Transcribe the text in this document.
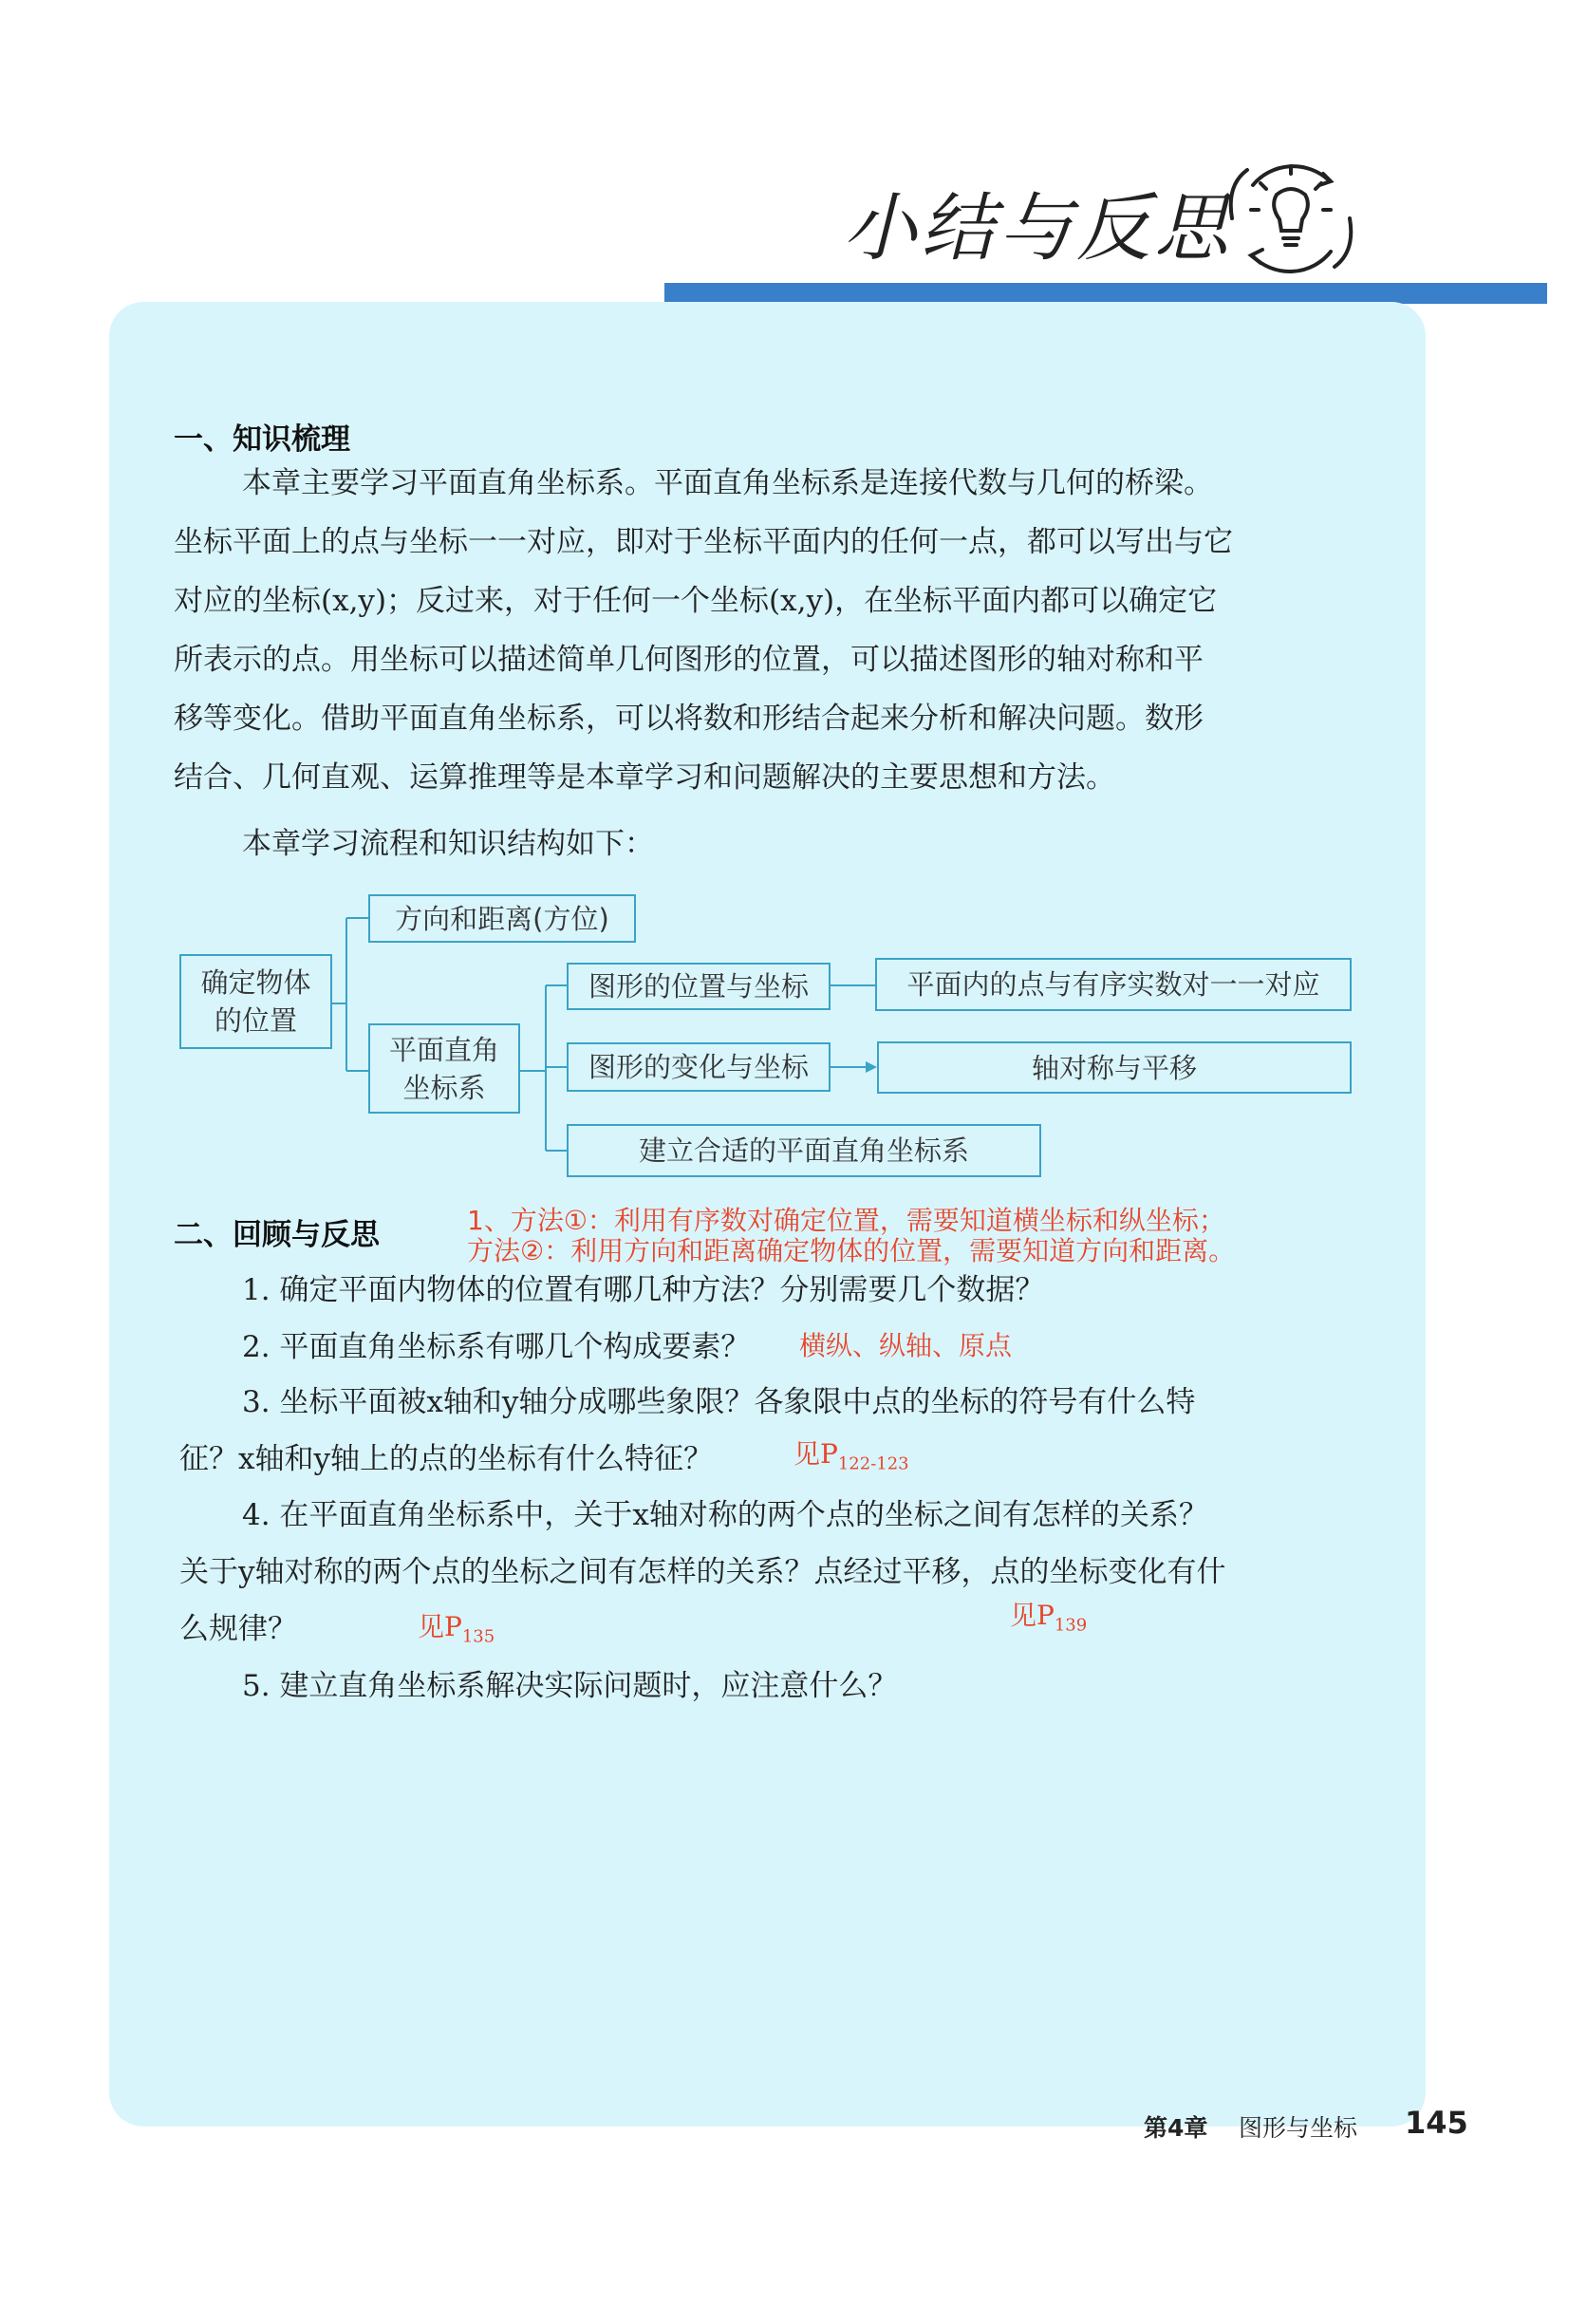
小结与反思
一、知识梳理

本章主要学习平面直角坐标系。平面直角坐标系是连接代数与几何的桥梁。

坐标平面上的点与坐标一一对应，即对于坐标平面内的任何一点，都可以写出与它

对应的坐标(x,y)；反过来，对于任何一个坐标(x,y)，在坐标平面内都可以确定它

所表示的点。用坐标可以描述简单几何图形的位置，可以描述图形的轴对称和平

移等变化。借助平面直角坐标系，可以将数和形结合起来分析和解决问题。数形

结合、几何直观、运算推理等是本章学习和问题解决的主要思想和方法。

本章学习流程和知识结构如下：

确定物体的位置
方向和距离(方位)
平面直角坐标系
图形的位置与坐标
图形的变化与坐标
建立合适的平面直角坐标系
平面内的点与有序实数对一一对应
轴对称与平移
二、回顾与反思	1、方法①：利用有序数对确定位置，需要知道横坐标和纵坐标；
方法②：利用方向和距离确定物体的位置，需要知道方向和距离。
1. 确定平面内物体的位置有哪几种方法？分别需要几个数据？
2. 平面直角坐标系有哪几个构成要素？ 横纵、纵轴、原点
3. 坐标平面被x轴和y轴分成哪些象限？各象限中点的坐标的符号有什么特
征？x轴和y轴上的点的坐标有什么特征？	见$P_{122-123}$
4. 在平面直角坐标系中，关于x轴对称的两个点的坐标之间有怎样的关系？
关于y轴对称的两个点的坐标之间有怎样的关系？点经过平移，点的坐标变化有什
么规律？	见$P_{135}$
见$P_{139}$
5. 建立直角坐标系解决实际问题时，应注意什么？
第4章 图形与坐标 145
